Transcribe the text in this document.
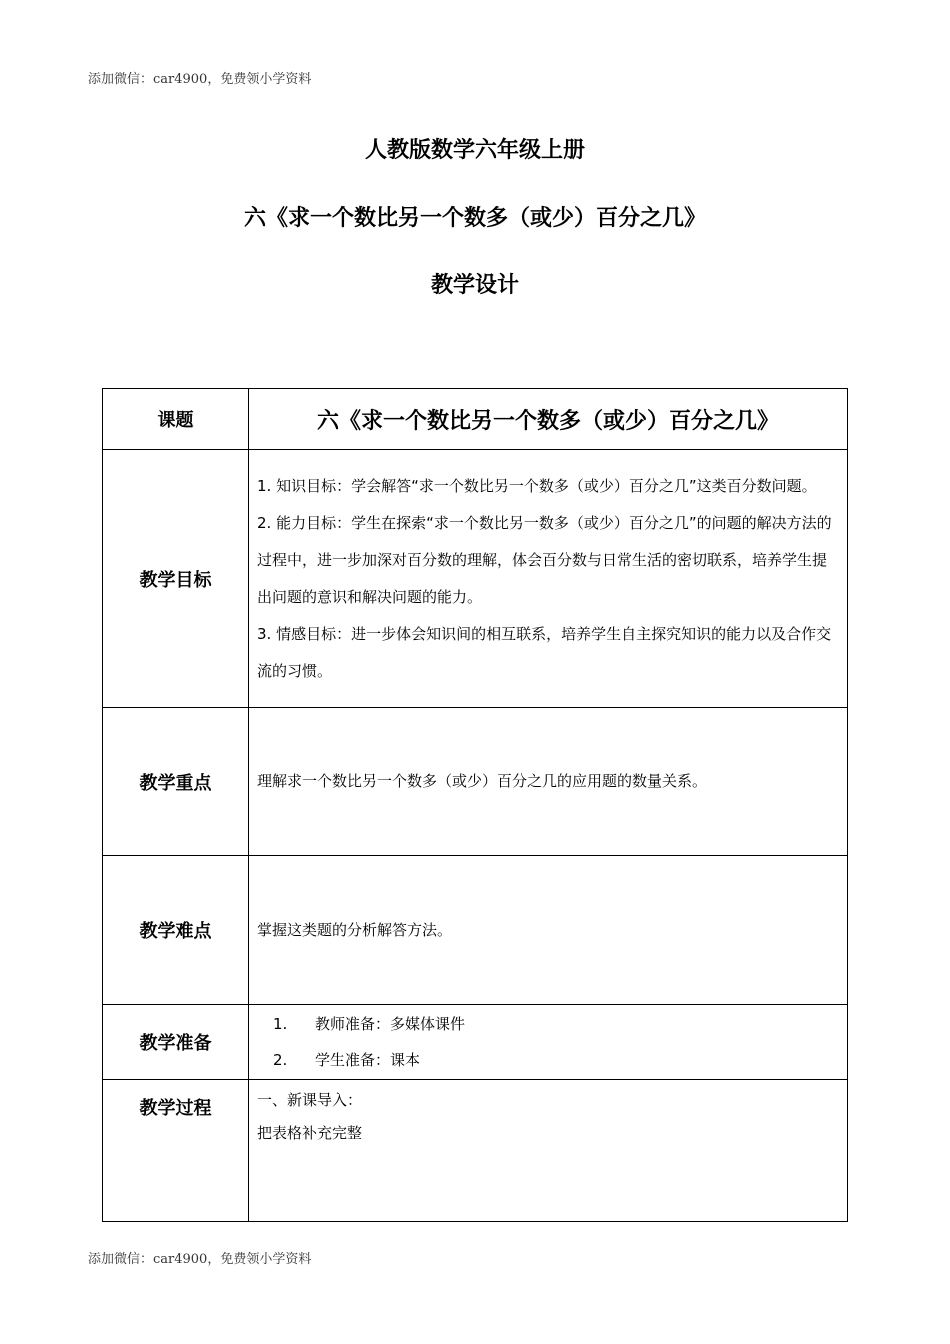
添加微信：car4900，免费领小学资料
人教版数学六年级上册
六《求一个数比另一个数多（或少）百分之几》
教学设计
课题	六《求一个数比另一个数多（或少）百分之几》
教学目标	1. 知识目标：学会解答“求一个数比另一个数多（或少）百分之几”这类百分数问题。

2. 能力目标：学生在探索“求一个数比另一数多（或少）百分之几”的问题的解决方法的过程中，进一步加深对百分数的理解，体会百分数与日常生活的密切联系，培养学生提出问题的意识和解决问题的能力。

3. 情感目标：进一步体会知识间的相互联系，培养学生自主探究知识的能力以及合作交流的习惯。

教学重点	理解求一个数比另一个数多（或少）百分之几的应用题的数量关系。
教学难点	掌握这类题的分析解答方法。
教学准备	1. 教师准备：多媒体课件
2. 学生准备：课本

教学过程	一、新课导入：
把表格补充完整
添加微信：car4900，免费领小学资料
